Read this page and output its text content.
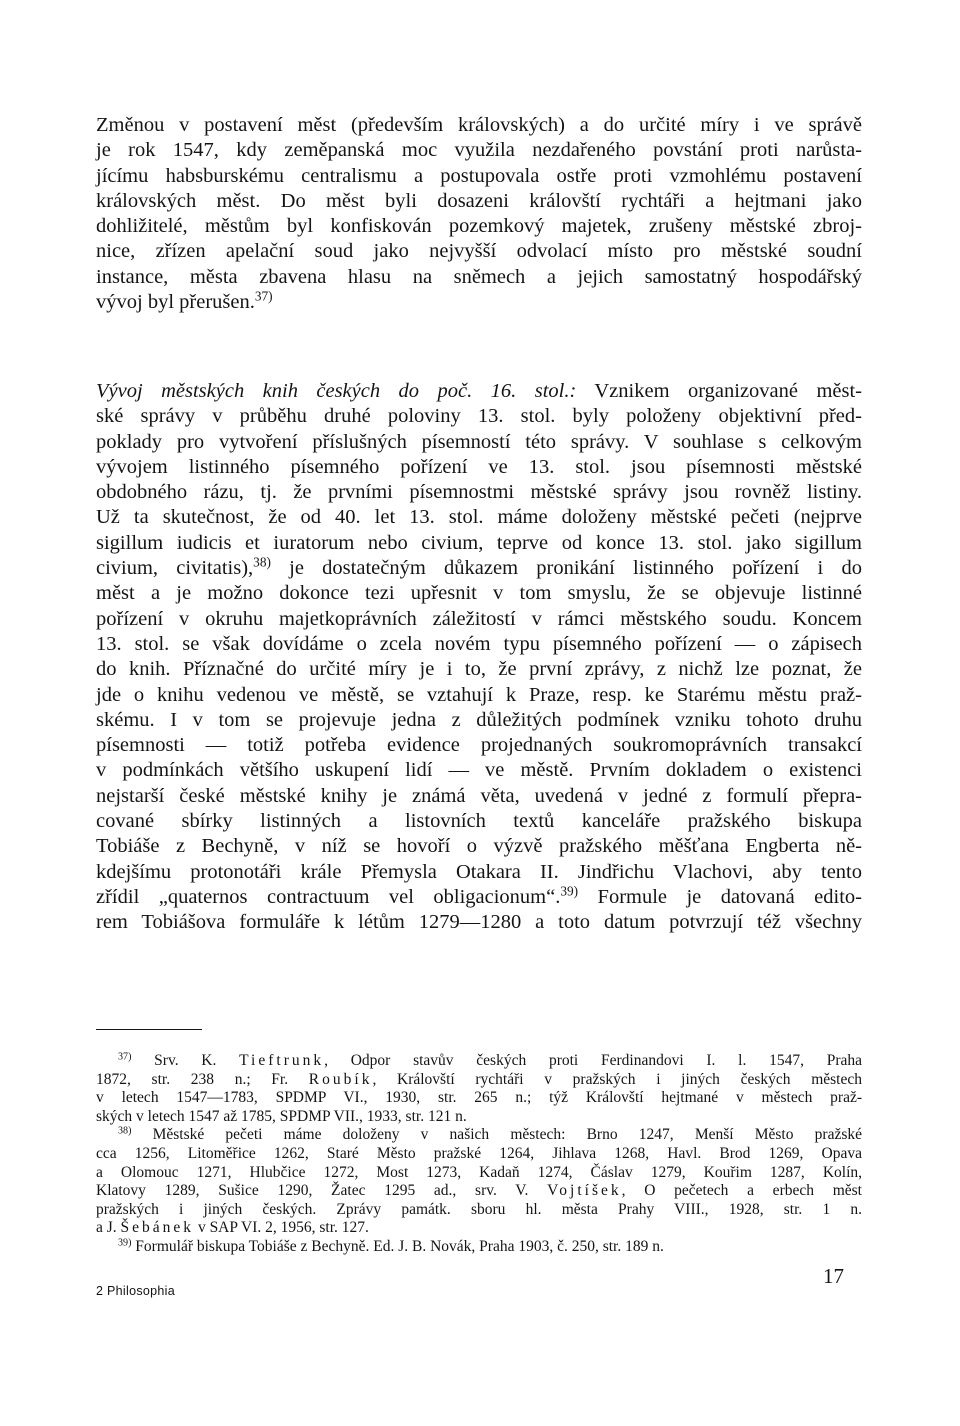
Změnou v postavení měst (především královských) a do určité míry i ve správě
je rok 1547, kdy zeměpanská moc využila nezdařeného povstání proti narůsta-
jícímu habsburskému centralismu a postupovala ostře proti vzmohlému postavení
královských měst. Do měst byli dosazeni královští rychtáři a hejtmani jako
dohližitelé, městům byl konfiskován pozemkový majetek, zrušeny městské zbroj-
nice, zřízen apelační soud jako nejvyšší odvolací místo pro městské soudní
instance, města zbavena hlasu na sněmech a jejich samostatný hospodářský
vývoj byl přerušen.$^{37)}$
Vývoj městských knih českých do poč. 16. stol.: Vznikem organizované měst-
ské správy v průběhu druhé poloviny 13. stol. byly položeny objektivní před-
poklady pro vytvoření příslušných písemností této správy. V souhlase s celkovým
vývojem listinného písemného pořízení ve 13. stol. jsou písemnosti městské
obdobného rázu, tj. že prvními písemnostmi městské správy jsou rovněž listiny.
Už ta skutečnost, že od 40. let 13. stol. máme doloženy městské pečeti (nejprve
sigillum iudicis et iuratorum nebo civium, teprve od konce 13. stol. jako sigillum
civium, civitatis),$^{38)}$ je dostatečným důkazem pronikání listinného pořízení i do
měst a je možno dokonce tezi upřesnit v tom smyslu, že se objevuje listinné
pořízení v okruhu majetkoprávních záležitostí v rámci městského soudu. Koncem
13. stol. se však dovídáme o zcela novém typu písemného pořízení — o zápisech
do knih. Příznačné do určité míry je i to, že první zprávy, z nichž lze poznat, že
jde o knihu vedenou ve městě, se vztahují k Praze, resp. ke Starému městu praž-
skému. I v tom se projevuje jedna z důležitých podmínek vzniku tohoto druhu
písemnosti — totiž potřeba evidence projednaných soukromoprávních transakcí
v podmínkách většího uskupení lidí — ve městě. Prvním dokladem o existenci
nejstarší české městské knihy je známá věta, uvedená v jedné z formulí přepra-
cované sbírky listinných a listovních textů kanceláře pražského biskupa
Tobiáše z Bechyně, v níž se hovoří o výzvě pražského měšťana Engberta ně-
kdejšímu protonotáři krále Přemysla Otakara II. Jindřichu Vlachovi, aby tento
zřídil „quaternos contractuum vel obligacionum“.$^{39)}$ Formule je datovaná edito-
rem Tobiášova formuláře k létům 1279—1280 a toto datum potvrzují též všechny
$^{37)}$ Srv. K. Tieftrunk, Odpor stavův českých proti Ferdinandovi I. l. 1547, Praha
1872, str. 238 n.; Fr. Roubík, Královští rychtáři v pražských i jiných českých městech
v letech 1547—1783, SPDMP VI., 1930, str. 265 n.; týž Královští hejtmané v městech praž-
ských v letech 1547 až 1785, SPDMP VII., 1933, str. 121 n.
$^{38)}$ Městské pečeti máme doloženy v našich městech: Brno 1247, Menší Město pražské
cca 1256, Litoměřice 1262, Staré Město pražské 1264, Jihlava 1268, Havl. Brod 1269, Opava
a Olomouc 1271, Hlubčice 1272, Most 1273, Kadaň 1274, Čáslav 1279, Kouřim 1287, Kolín,
Klatovy 1289, Sušice 1290, Žatec 1295 ad., srv. V. Vojtíšek, O pečetech a erbech měst
pražských i jiných českých. Zprávy památk. sboru hl. města Prahy VIII., 1928, str. 1 n.
a J. Šebánek v SAP VI. 2, 1956, str. 127.
$^{39)}$ Formulář biskupa Tobiáše z Bechyně. Ed. J. B. Novák, Praha 1903, č. 250, str. 189 n.
2 Philosophia
17
